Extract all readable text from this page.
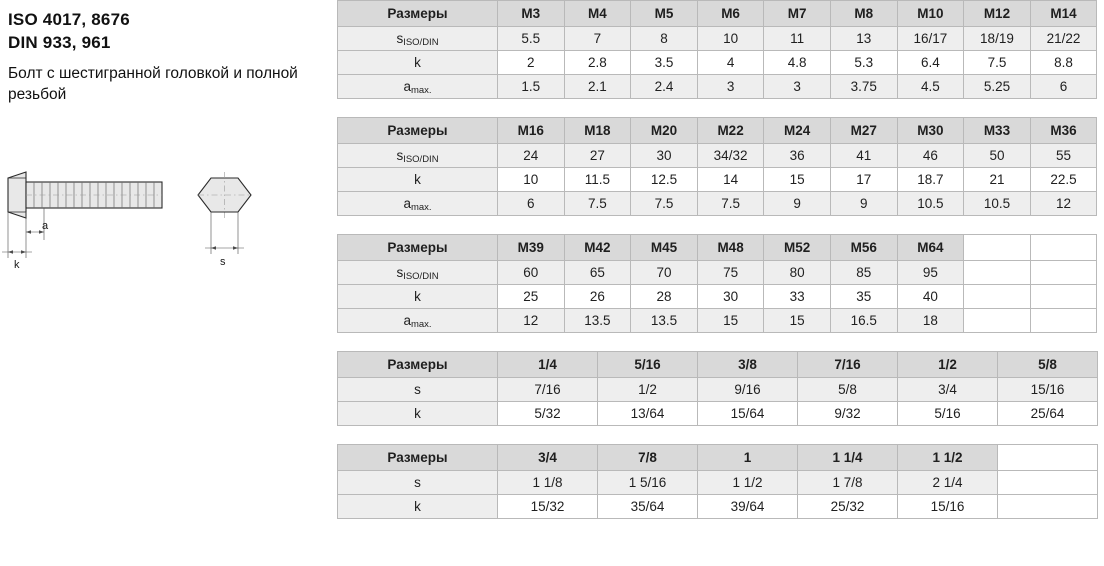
ISO 4017, 8676
DIN 933, 961
Болт с шестигранной головкой и полной резьбой
a
k	s
Размеры	M3	M4	M5	M6	M7	M8	M10	M12	M14
sISO/DIN	5.5	7	8	10	11	13	16/17	18/19	21/22
k	2	2.8	3.5	4	4.8	5.3	6.4	7.5	8.8
amax.	1.5	2.1	2.4	3	3	3.75	4.5	5.25	6
Размеры	M16	M18	M20	M22	M24	M27	M30	M33	M36
sISO/DIN	24	27	30	34/32	36	41	46	50	55
k	10	11.5	12.5	14	15	17	18.7	21	22.5
amax.	6	7.5	7.5	7.5	9	9	10.5	10.5	12
Размеры	M39	M42	M45	M48	M52	M56	M64		
sISO/DIN	60	65	70	75	80	85	95		
k	25	26	28	30	33	35	40		
amax.	12	13.5	13.5	15	15	16.5	18		
Размеры	1/4	5/16	3/8	7/16	1/2	5/8
s	7/16	1/2	9/16	5/8	3/4	15/16
k	5/32	13/64	15/64	9/32	5/16	25/64
Размеры	3/4	7/8	1	1 1/4	1 1/2	
s	1 1/8	1 5/16	1 1/2	1 7/8	2 1/4	
k	15/32	35/64	39/64	25/32	15/16	
